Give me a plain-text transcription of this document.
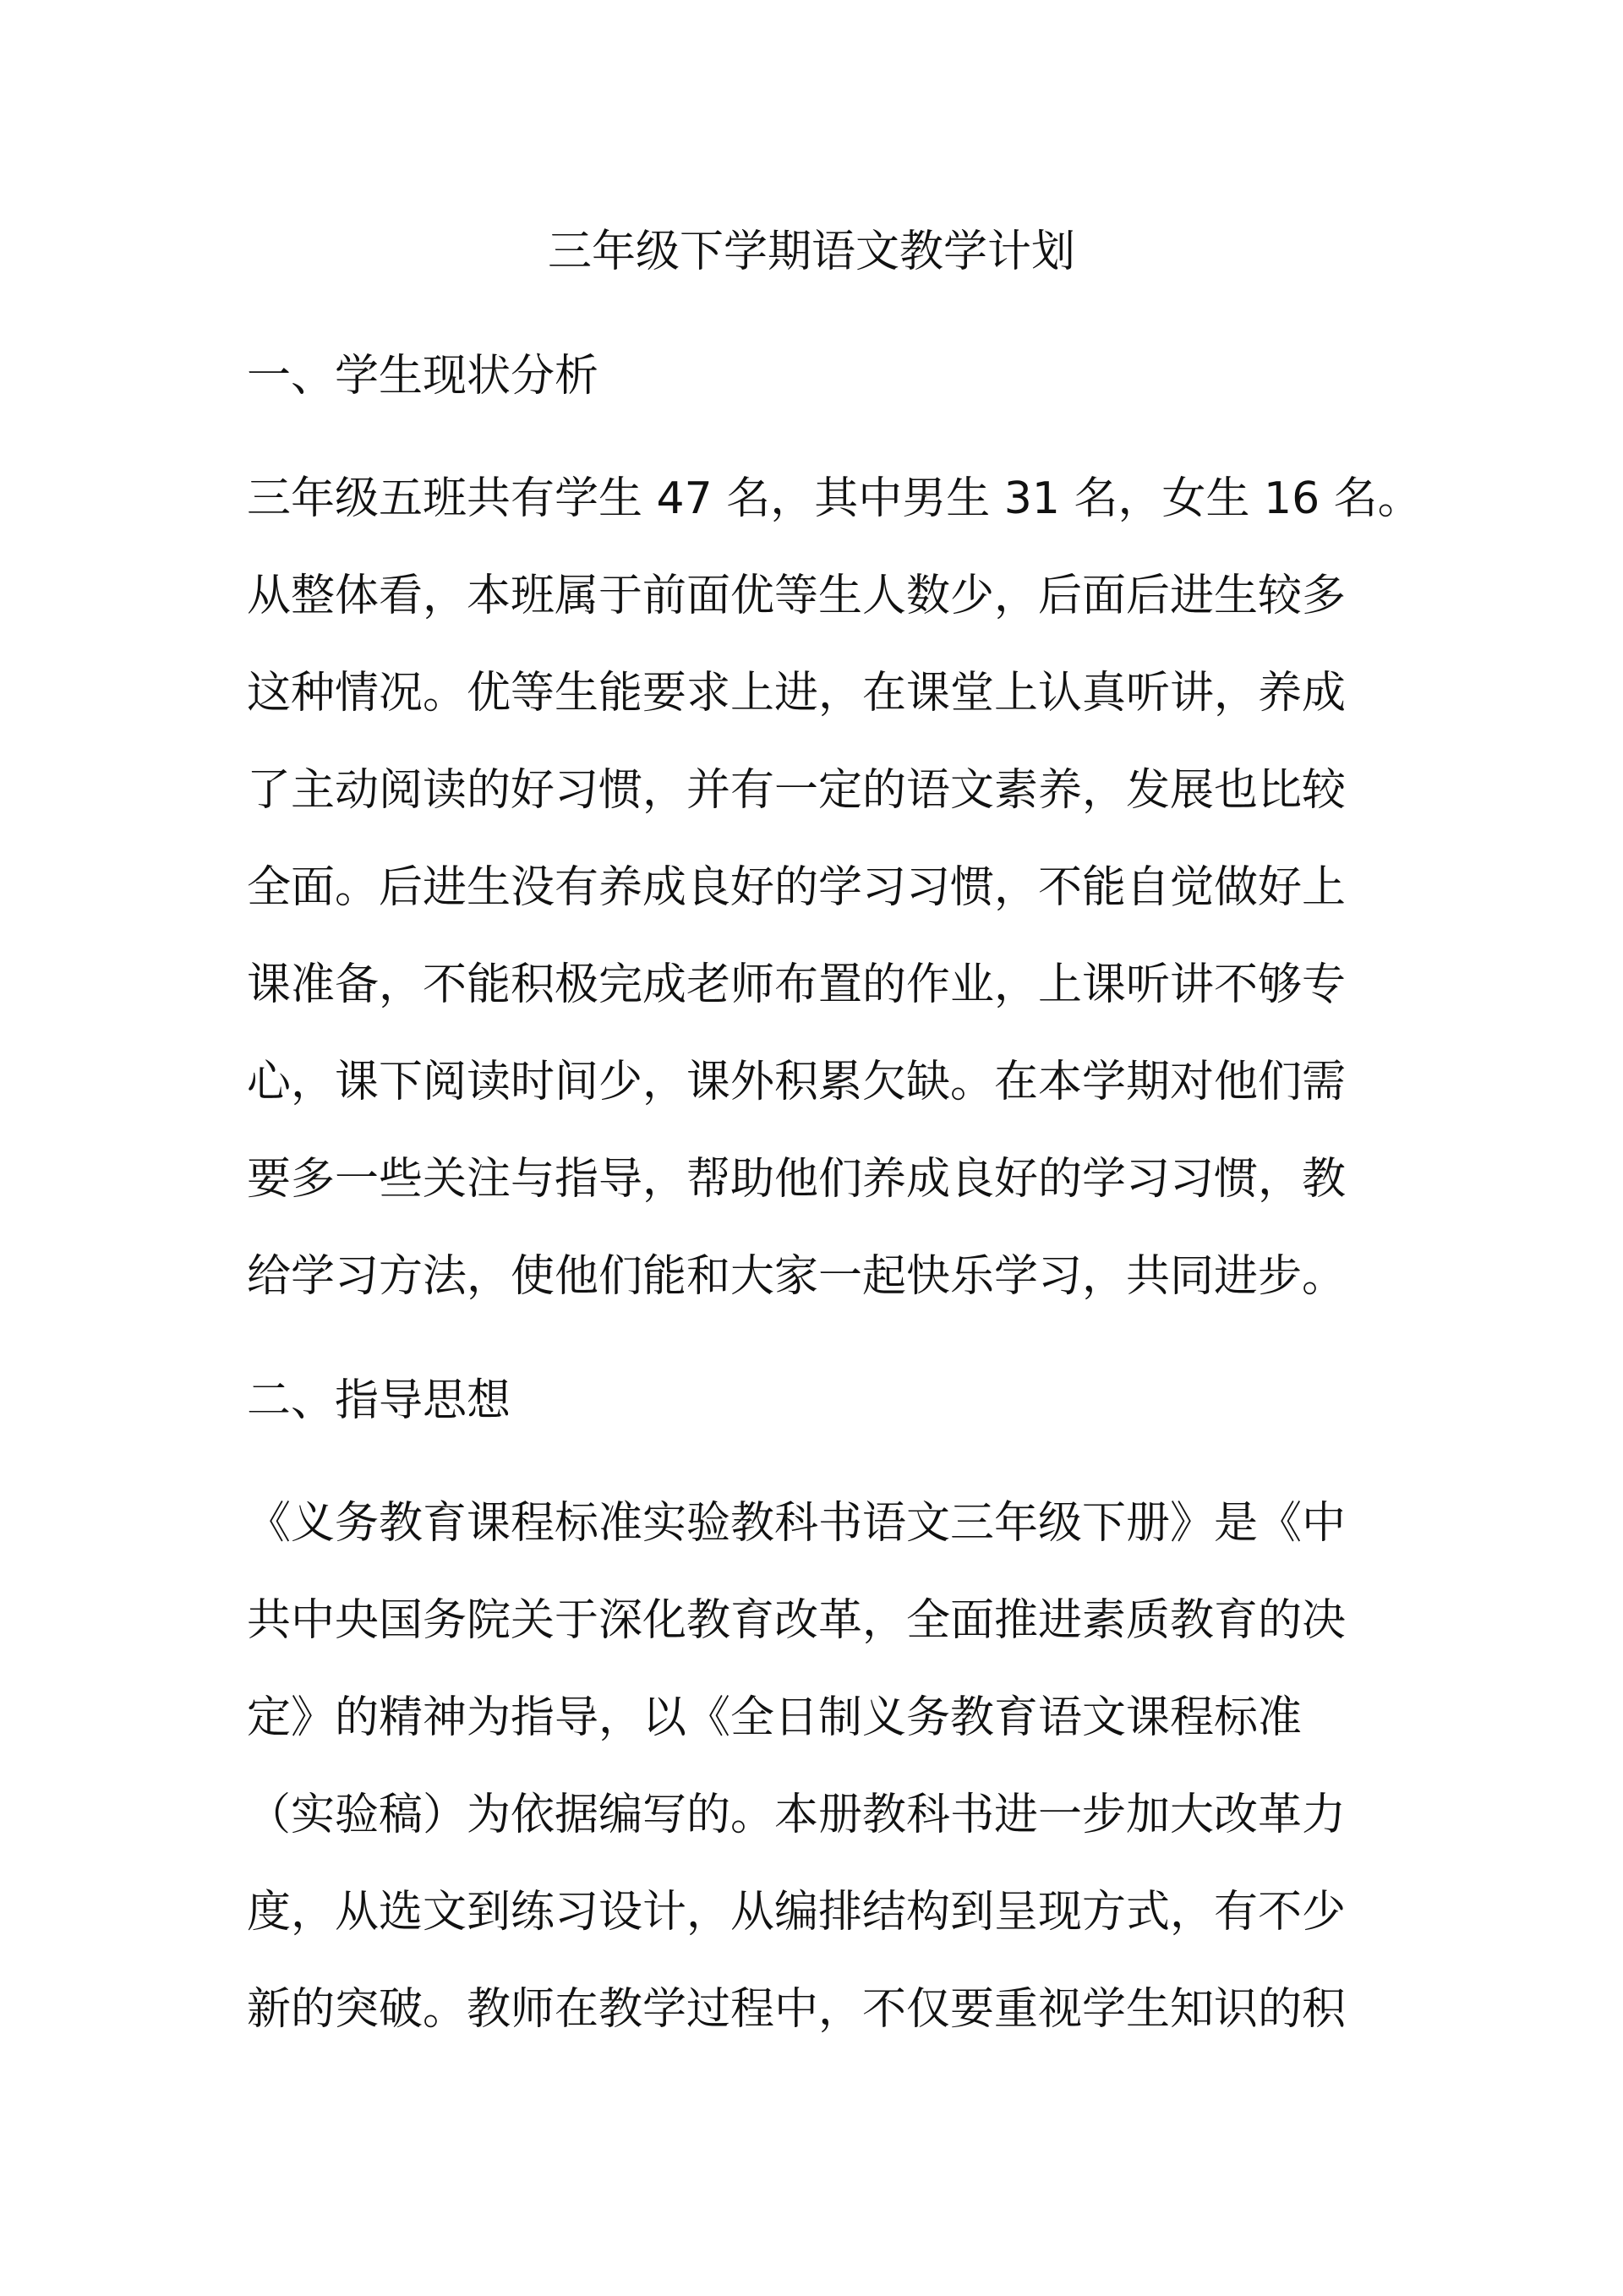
三年级下学期语文教学计划
一、学生现状分析
三年级五班共有学生 47 名，其中男生 31 名，女生 16 名。
从整体看，本班属于前面优等生人数少，后面后进生较多
这种情况。优等生能要求上进，在课堂上认真听讲，养成
了主动阅读的好习惯，并有一定的语文素养，发展也比较
全面。后进生没有养成良好的学习习惯，不能自觉做好上
课准备，不能积极完成老师布置的作业，上课听讲不够专
心，课下阅读时间少，课外积累欠缺。在本学期对他们需
要多一些关注与指导，帮助他们养成良好的学习习惯，教
给学习方法，使他们能和大家一起快乐学习，共同进步。
二、指导思想
《义务教育课程标准实验教科书语文三年级下册》是《中
共中央国务院关于深化教育改革，全面推进素质教育的决
定》的精神为指导，以《全日制义务教育语文课程标准
（实验稿）为依据编写的。本册教科书进一步加大改革力
度，从选文到练习设计，从编排结构到呈现方式，有不少
新的突破。教师在教学过程中，不仅要重视学生知识的积
